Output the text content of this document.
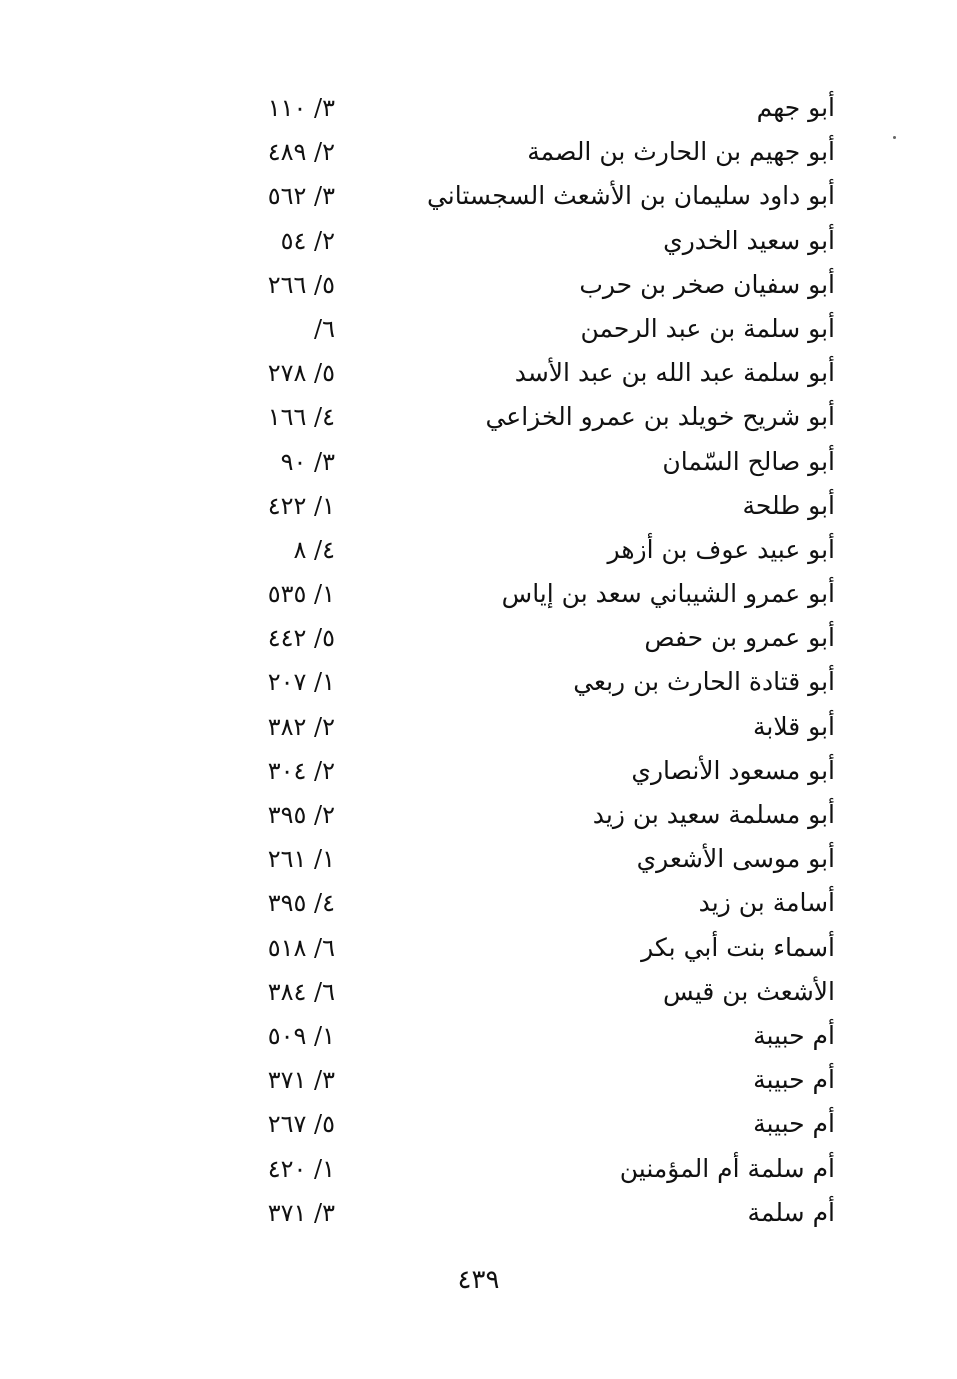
أبو جهم
٣/ ١١٠
أبو جهيم بن الحارث بن الصمة
٢/ ٤٨٩
أبو داود سليمان بن الأشعث السجستاني
٣/ ٥٦٢
أبو سعيد الخدري
٢/ ٥٤
أبو سفيان صخر بن حرب
٥/ ٢٦٦
أبو سلمة بن عبد الرحمن
٦/
أبو سلمة عبد الله بن عبد الأسد
٥/ ٢٧٨
أبو شريح خويلد بن عمرو الخزاعي
٤/ ١٦٦
أبو صالح السّمان
٣/ ٩٠
أبو طلحة
١/ ٤٢٢
أبو عبيد عوف بن أزهر
٤/ ٨
أبو عمرو الشيباني سعد بن إياس
١/ ٥٣٥
أبو عمرو بن حفص
٥/ ٤٤٢
أبو قتادة الحارث بن ربعي
١/ ٢٠٧
أبو قلابة
٢/ ٣٨٢
أبو مسعود الأنصاري
٢/ ٣٠٤
أبو مسلمة سعيد بن زيد
٢/ ٣٩٥
أبو موسى الأشعري
١/ ٢٦١
أسامة بن زيد
٤/ ٣٩٥
أسماء بنت أبي بكر
٦/ ٥١٨
الأشعث بن قيس
٦/ ٣٨٤
أم حبيبة
١/ ٥٠٩
أم حبيبة
٣/ ٣٧١
أم حبيبة
٥/ ٢٦٧
أم سلمة أم المؤمنين
١/ ٤٢٠
أم سلمة
٣/ ٣٧١
٤٣٩
